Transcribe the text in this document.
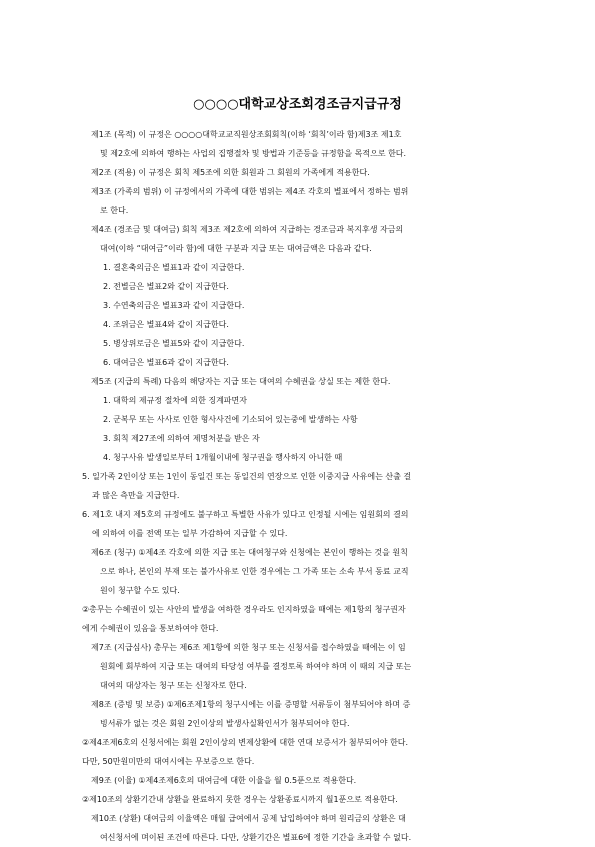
○○○○대학교상조회경조금지급규정

제1조 (목적) 이 규정은 ○○○○대학교교직원상조회회칙(이하 ‘회칙’이라 함)제3조 제1호

및 제2호에 의하여 행하는 사업의 집행절차 및 방법과 기준등을 규정함을 목적으로 한다.

제2조 (적용) 이 규정은 회칙 제5조에 의한 회원과 그 회원의 가족에게 적용한다.

제3조 (가족의 범위) 이 규정에서의 가족에 대한 범위는 제4조 각호의 별표에서 정하는 범위

로 한다.

제4조 (경조금 및 대여금) 회칙 제3조 제2호에 의하여 지급하는 경조금과 복지후생 자금의

대여(이하 “대여금”이라 함)에 대한 구분과 지급 또는 대여금액은 다음과 같다.

1. 결혼축의금은 별표1과 같이 지급한다.

2. 전별금은 별표2와 같이 지급한다.

3. 수연축의금은 별표3과 같이 지급한다.

4. 조위금은 별표4와 같이 지급한다.

5. 병상위로금은 별표5와 같이 지급한다.

6. 대여금은 별표6과 같이 지급한다.

제5조 (지급의 특례) 다음의 해당자는 지급 또는 대여의 수혜권을 상실 또는 제한 한다.

1. 대학의 제규정 절차에 의한 징계파면자

2. 군복무 또는 사사로 인한 형사사건에 기소되어 있는중에 발생하는 사항

3. 회칙 제27조에 의하여 제명처분을 받은 자

4. 청구사유 발생일로부터 1개월이내에 청구권을 행사하지 아니한 때

5. 일가족 2인이상 또는 1인이 동일건 또는 동일건의 연장으로 인한 이중지급 사유에는 산출 걸

과 많은 측만을 지급한다.

6. 제1호 내지 제5호의 규정에도 불구하고 특별한 사유가 있다고 인정될 시에는 임원회의 결의

에 의하여 이를 전액 또는 일부 가감하여 지급할 수 있다.

제6조 (청구) ①제4조 각호에 의한 지급 또는 대여청구와 신청에는 본인이 행하는 것을 원칙

으로 하나, 본인의 부재 또는 불가사유로 인한 경우에는 그 가족 또는 소속 부서 동료 교직

원이 청구할 수도 있다.

②총무는 수혜권이 있는 사안의 발생을 여하한 경우라도 인지하였을 때에는 제1항의 청구권자

에게 수혜권이 있음을 통보하여야 한다.

제7조 (지급심사) 총무는 제6조 제1항에 의한 청구 또는 신청서를 접수하였을 때에는 이 임

원회에 회부하여 지급 또는 대여의 타당성 여부를 결정토록 하여야 하며 이 때의 지급 또는

대여의 대상자는 청구 또는 신청자로 한다.

제8조 (증빙 및 보증) ①제6조제1항의 청구시에는 이를 증명할 서류등이 첨부되어야 하며 증

빙서류가 없는 것은 회원 2인이상의 발생사실확인서가 첨부되어야 한다.

②제4조제6호의 신청서에는 회원 2인이상의 변제상환에 대한 연대 보증서가 첨부되어야 한다.

다만, 50만원미만의 대여시에는 무보증으로 한다.

제9조 (이율) ①제4조제6호의 대여금에 대한 이율을 월 0.5푼으로 적용한다.

②제10조의 상환기간내 상환을 완료하지 못한 경우는 상환종료시까지 월1푼으로 적용한다.

제10조 (상환) 대여금의 이율액은 매월 급여에서 공제 납입하여야 하며 원리금의 상환은 대

여신청서에 며이된 조건에 따른다. 다만, 상환기간은 별표6에 정한 기간을 초과할 수 없다.
